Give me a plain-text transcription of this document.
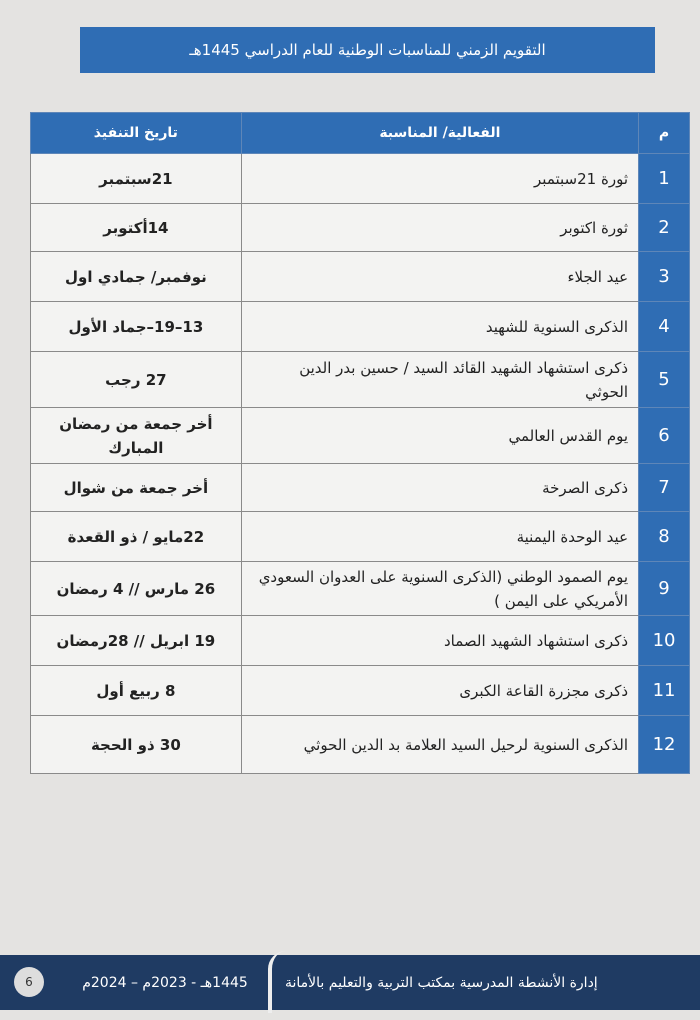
التقويم الزمني للمناسبات الوطنية للعام الدراسي 1445هـ
م	الفعالية/ المناسبة	تاريخ التنفيذ
1	ثورة 21سبتمبر	21سبتمبر
2	ثورة اكتوبر	14أكتوبر
3	عيد الجلاء	نوفمبر/ جمادي اول
4	الذكرى السنوية للشهيد	13–19–جماد الأول
5	ذكرى استشهاد الشهيد القائد السيد / حسين بدر الدين الحوثي	27 رجب
6	يوم القدس العالمي	أخر جمعة من رمضان المبارك
7	ذكرى الصرخة	أخر جمعة من شوال
8	عيد الوحدة اليمنية	22مايو / ذو القعدة
9	يوم الصمود الوطني (الذكرى السنوية على العدوان السعودي الأمريكي على اليمن )	26 مارس // 4 رمضان
10	ذكرى استشهاد الشهيد الصماد	19 ابريل // 28رمضان
11	ذكرى مجزرة القاعة الكبرى	8 ربيع أول
12	الذكرى السنوية لرحيل السيد العلامة بد الدين الحوثي	30 ذو الحجة
6	1445هـ - 2023م – 2024م	إدارة الأنشطة المدرسية بمكتب التربية والتعليم بالأمانة
